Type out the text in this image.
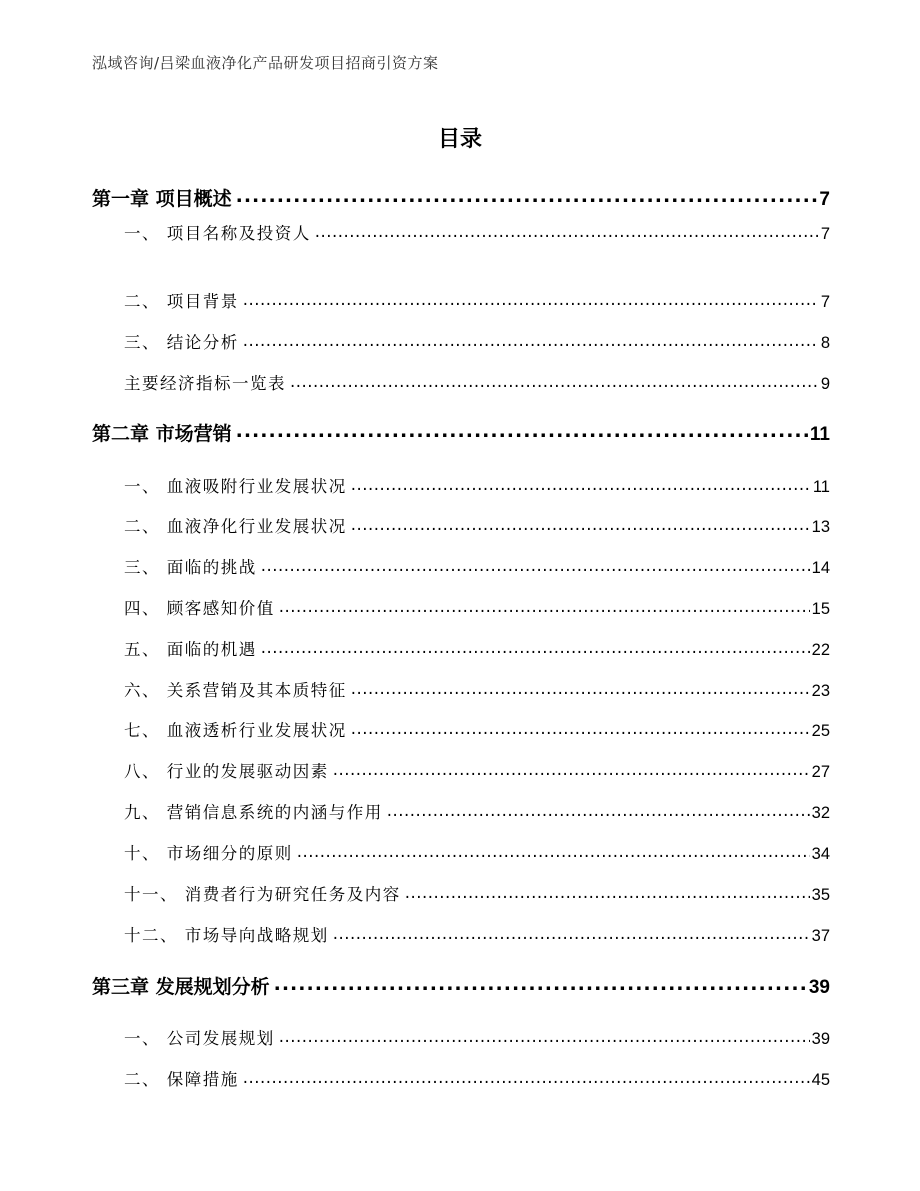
泓域咨询/吕梁血液净化产品研发项目招商引资方案
目录
第一章 项目概述 .....	7
一、 项目名称及投资人 .....	7
二、 项目背景 .....	7
三、 结论分析 .....	8
主要经济指标一览表 .....	9
第二章 市场营销 .....	11
一、 血液吸附行业发展状况 .....	11
二、 血液净化行业发展状况 .....	13
三、 面临的挑战 .....	14
四、 顾客感知价值 .....	15
五、 面临的机遇 .....	22
六、 关系营销及其本质特征 .....	23
七、 血液透析行业发展状况 .....	25
八、 行业的发展驱动因素 .....	27
九、 营销信息系统的内涵与作用 .....	32
十、 市场细分的原则 .....	34
十一、 消费者行为研究任务及内容 .....	35
十二、 市场导向战略规划 .....	37
第三章 发展规划分析 .....	39
一、 公司发展规划 .....	39
二、 保障措施 .....	45
